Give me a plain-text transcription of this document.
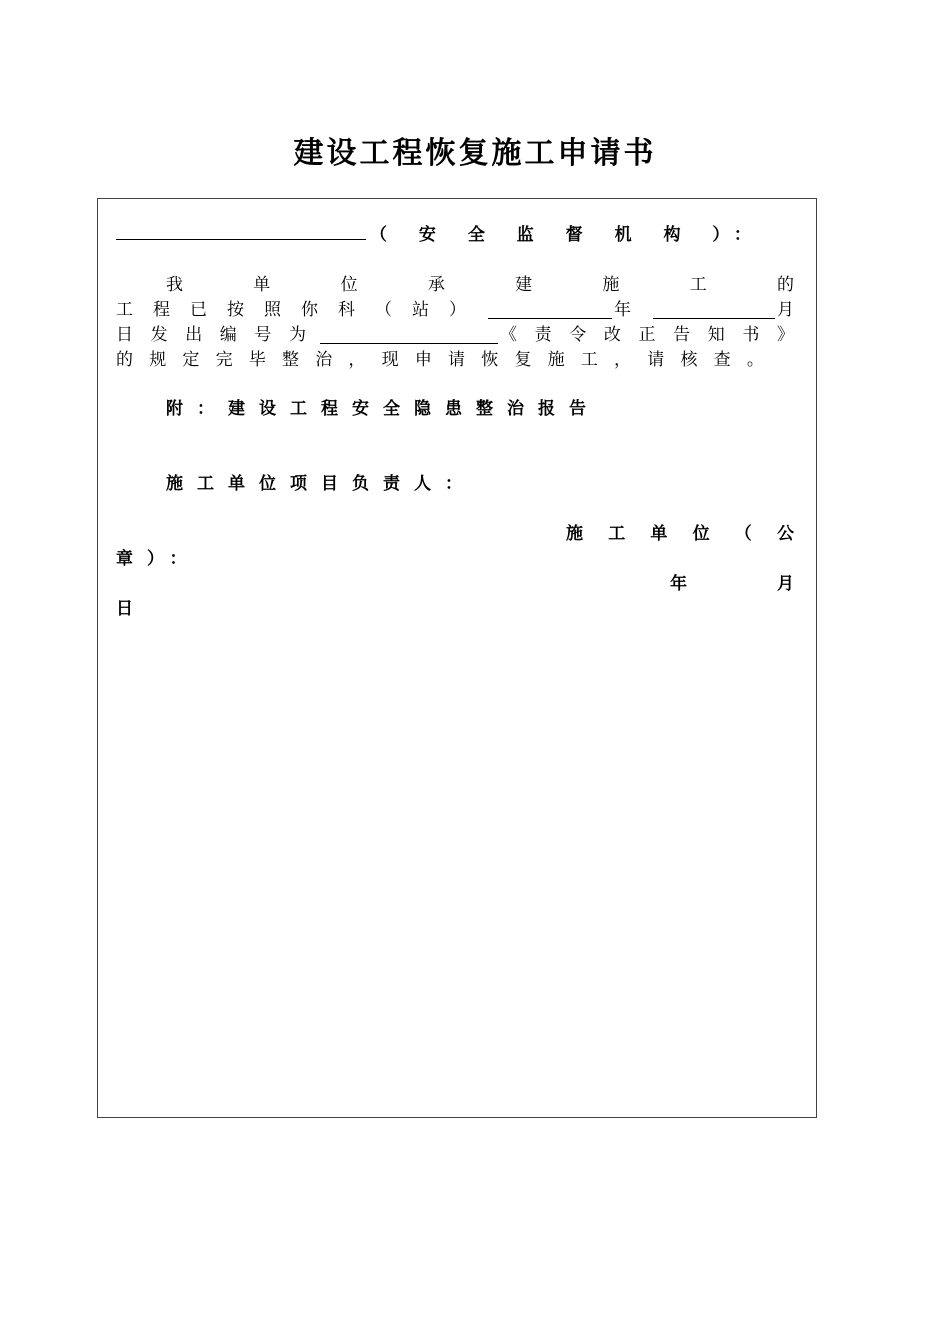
建设工程恢复施工申请书
（ 安 全 监 督 机 构 ）：
我	单	位	承	建	施	工	的
工 程 已 按 照 你 科 （ 站 ）	年	月
日 发 出 编 号 为	《 责 令 改 正 告 知 书 》
的 规 定 完 毕 整 治 ， 现 申 请 恢 复 施 工 ， 请 核 查 。
附：建设工程安全隐患整治报告
施工单位项目负责人：
施 工 单 位 （ 公
章）：
年	月
日
